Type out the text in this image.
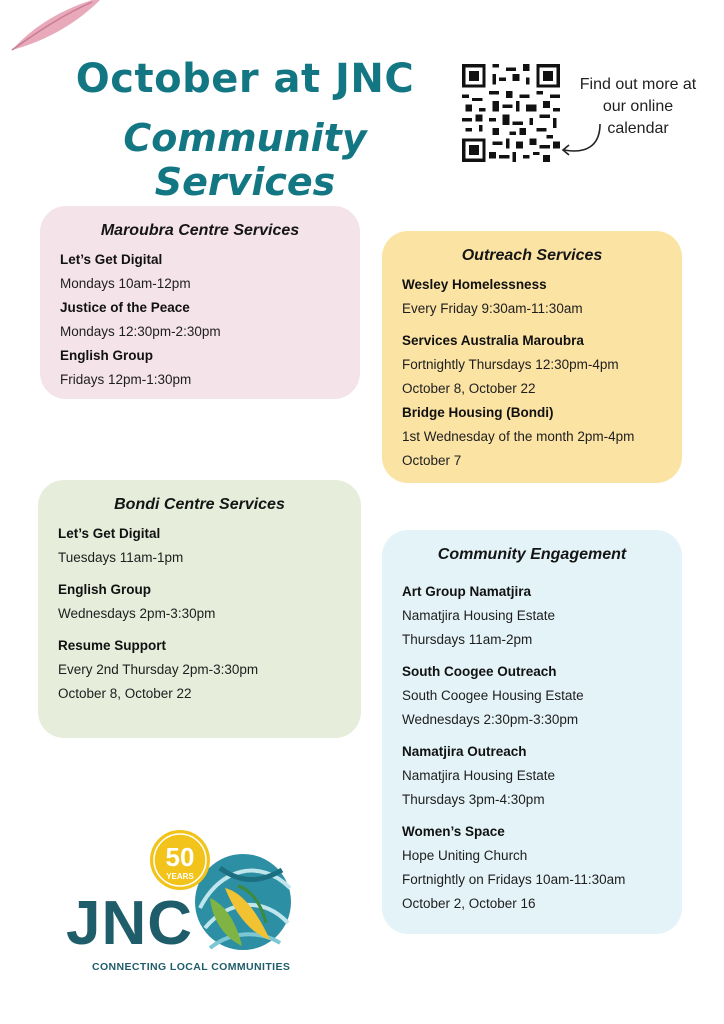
October at JNC
Community Services
Find out more at our online calendar
Maroubra Centre Services
Let’s Get Digital
Mondays 10am-12pm
Justice of the Peace
Mondays 12:30pm-2:30pm
English Group
Fridays 12pm-1:30pm
Outreach Services
Wesley Homelessness
Every Friday 9:30am-11:30am
Services Australia Maroubra
Fortnightly Thursdays 12:30pm-4pm
October 8, October 22
Bridge Housing (Bondi)
1st Wednesday of the month 2pm-4pm
October 7
Bondi Centre Services
Let’s Get Digital
Tuesdays 11am-1pm
English Group
Wednesdays 2pm-3:30pm
Resume Support
Every 2nd Thursday 2pm-3:30pm
October 8, October 22
Community Engagement
Art Group Namatjira
Namatjira Housing Estate
Thursdays 11am-2pm
South Coogee Outreach
South Coogee Housing Estate
Wednesdays 2:30pm-3:30pm
Namatjira Outreach
Namatjira Housing Estate
Thursdays 3pm-4:30pm
Women’s Space
Hope Uniting Church
Fortnightly on Fridays 10am-11:30am
October 2, October 16
50
YEARS
JNC
CONNECTING LOCAL COMMUNITIES
